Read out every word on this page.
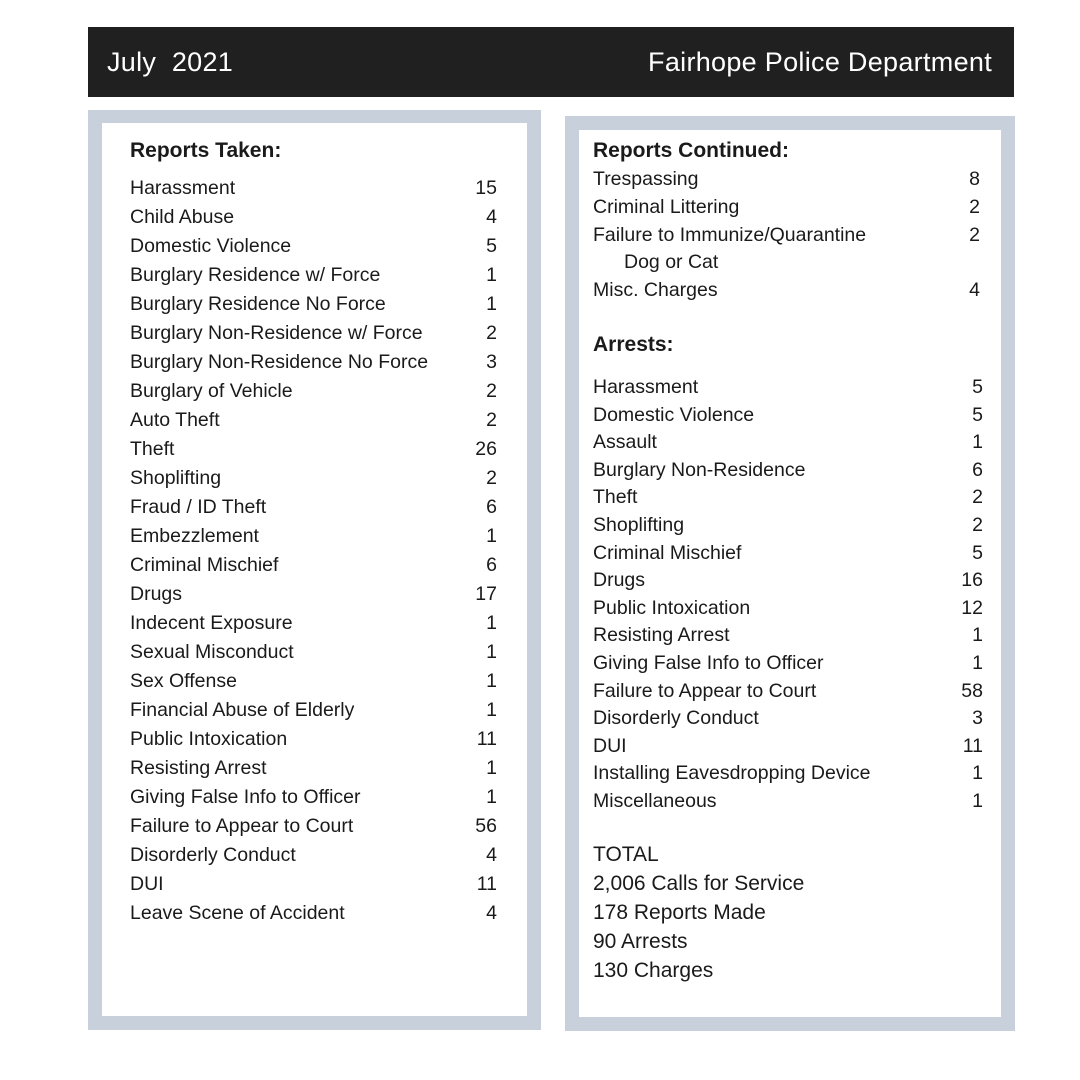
July  2021	Fairhope Police Department
Reports Taken:
Harassment	15
Child Abuse	4
Domestic Violence	5
Burglary Residence w/ Force	1
Burglary Residence No Force	1
Burglary Non-Residence w/ Force	2
Burglary Non-Residence No Force	3
Burglary of Vehicle	2
Auto Theft	2
Theft	26
Shoplifting	2
Fraud / ID Theft	6
Embezzlement	1
Criminal Mischief	6
Drugs	17
Indecent Exposure	1
Sexual Misconduct	1
Sex Offense	1
Financial Abuse of Elderly	1
Public Intoxication	11
Resisting Arrest	1
Giving False Info to Officer	1
Failure to Appear to Court	56
Disorderly Conduct	4
DUI	11
Leave Scene of Accident	4
Reports Continued:
Trespassing	8
Criminal Littering	2
Failure to Immunize/Quarantine	2
Dog or Cat
Misc. Charges	4
Arrests:
Harassment	5
Domestic Violence	5
Assault	1
Burglary Non-Residence	6
Theft	2
Shoplifting	2
Criminal Mischief	5
Drugs	16
Public Intoxication	12
Resisting Arrest	1
Giving False Info to Officer	1
Failure to Appear to Court	58
Disorderly Conduct	3
DUI	11
Installing Eavesdropping Device	1
Miscellaneous	1
TOTAL
2,006 Calls for Service
178 Reports Made
90 Arrests
130 Charges
